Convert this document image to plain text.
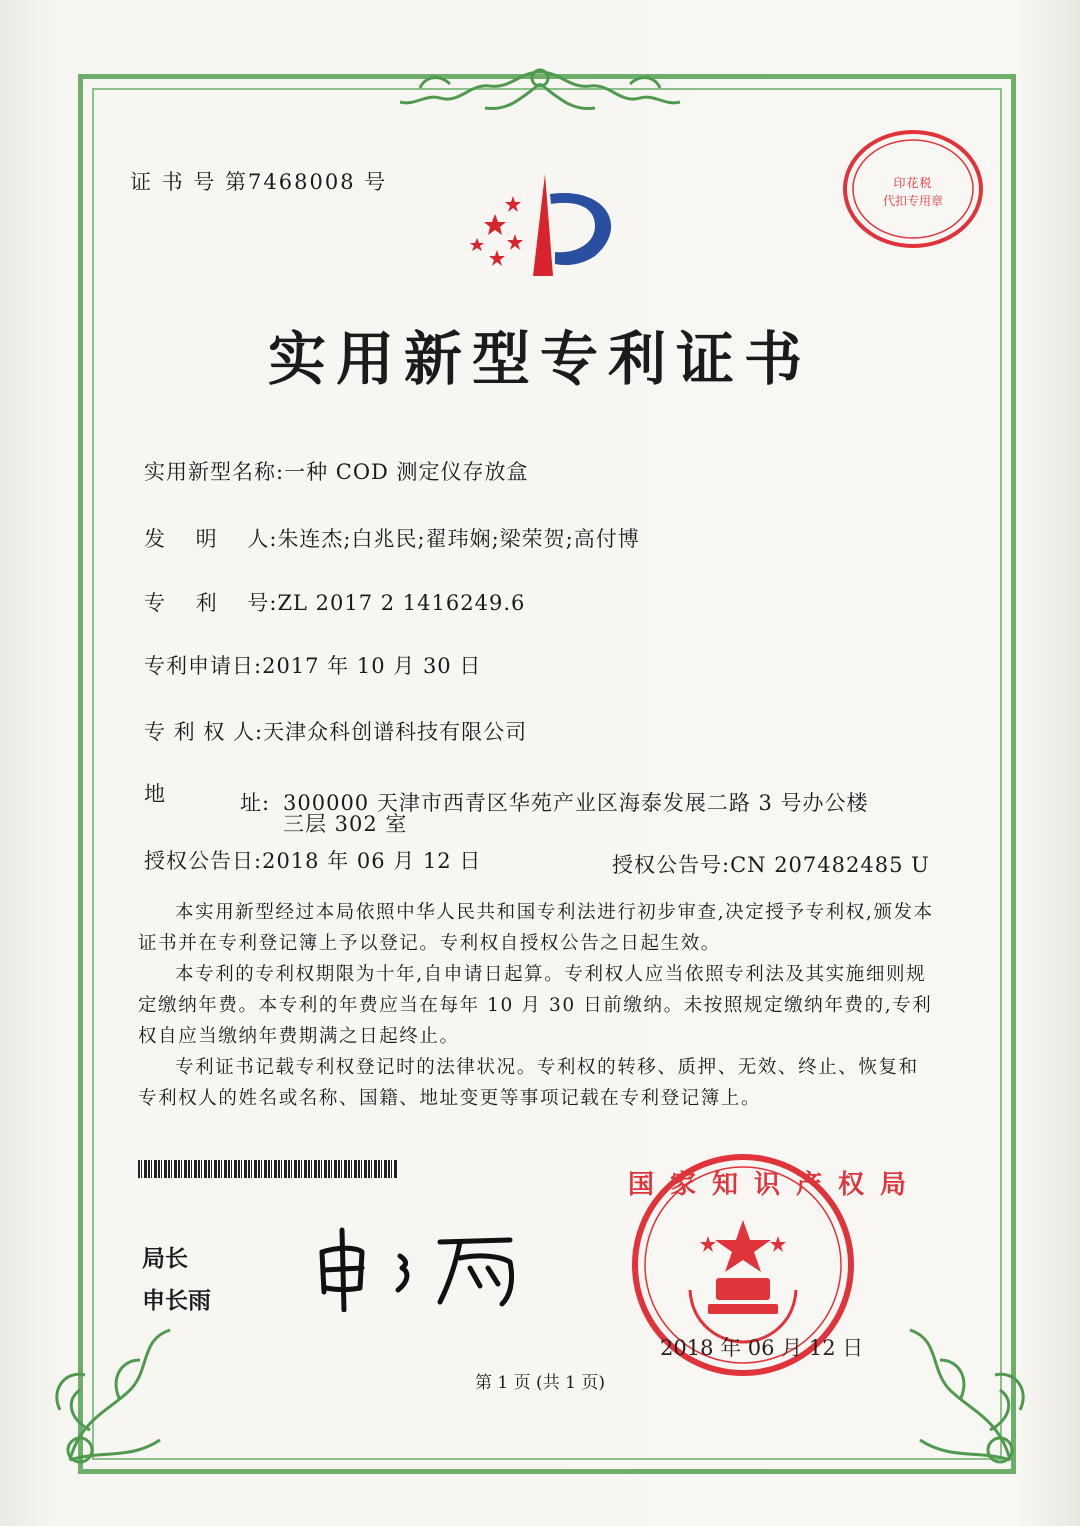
证 书 号 第7468008 号	印花税
代扣专用章
实用新型专利证书
实用新型名称:一种 COD 测定仪存放盒
发　 明　 人:朱连杰;白兆民;翟玮娴;梁荣贺;高付博
专　 利　 号:ZL 2017 2 1416249.6
专利申请日:2017 年 10 月 30 日
专 利 权 人:天津众科创谱科技有限公司
地	址: 300000 天津市西青区华苑产业区海泰发展二路 3 号办公楼
三层 302 室
授权公告日:2018 年 06 月 12 日	授权公告号:CN 207482485 U

本实用新型经过本局依照中华人民共和国专利法进行初步审查,决定授予专利权,颁发本证书并在专利登记簿上予以登记。专利权自授权公告之日起生效。

本专利的专利权期限为十年,自申请日起算。专利权人应当依照专利法及其实施细则规定缴纳年费。本专利的年费应当在每年 10 月 30 日前缴纳。未按照规定缴纳年费的,专利权自应当缴纳年费期满之日起终止。

专利证书记载专利权登记时的法律状况。专利权的转移、质押、无效、终止、恢复和专利权人的姓名或名称、国籍、地址变更等事项记载在专利登记簿上。

局长
申长雨
国家知识产权局
2018 年 06 月 12 日
第 1 页 (共 1 页)
